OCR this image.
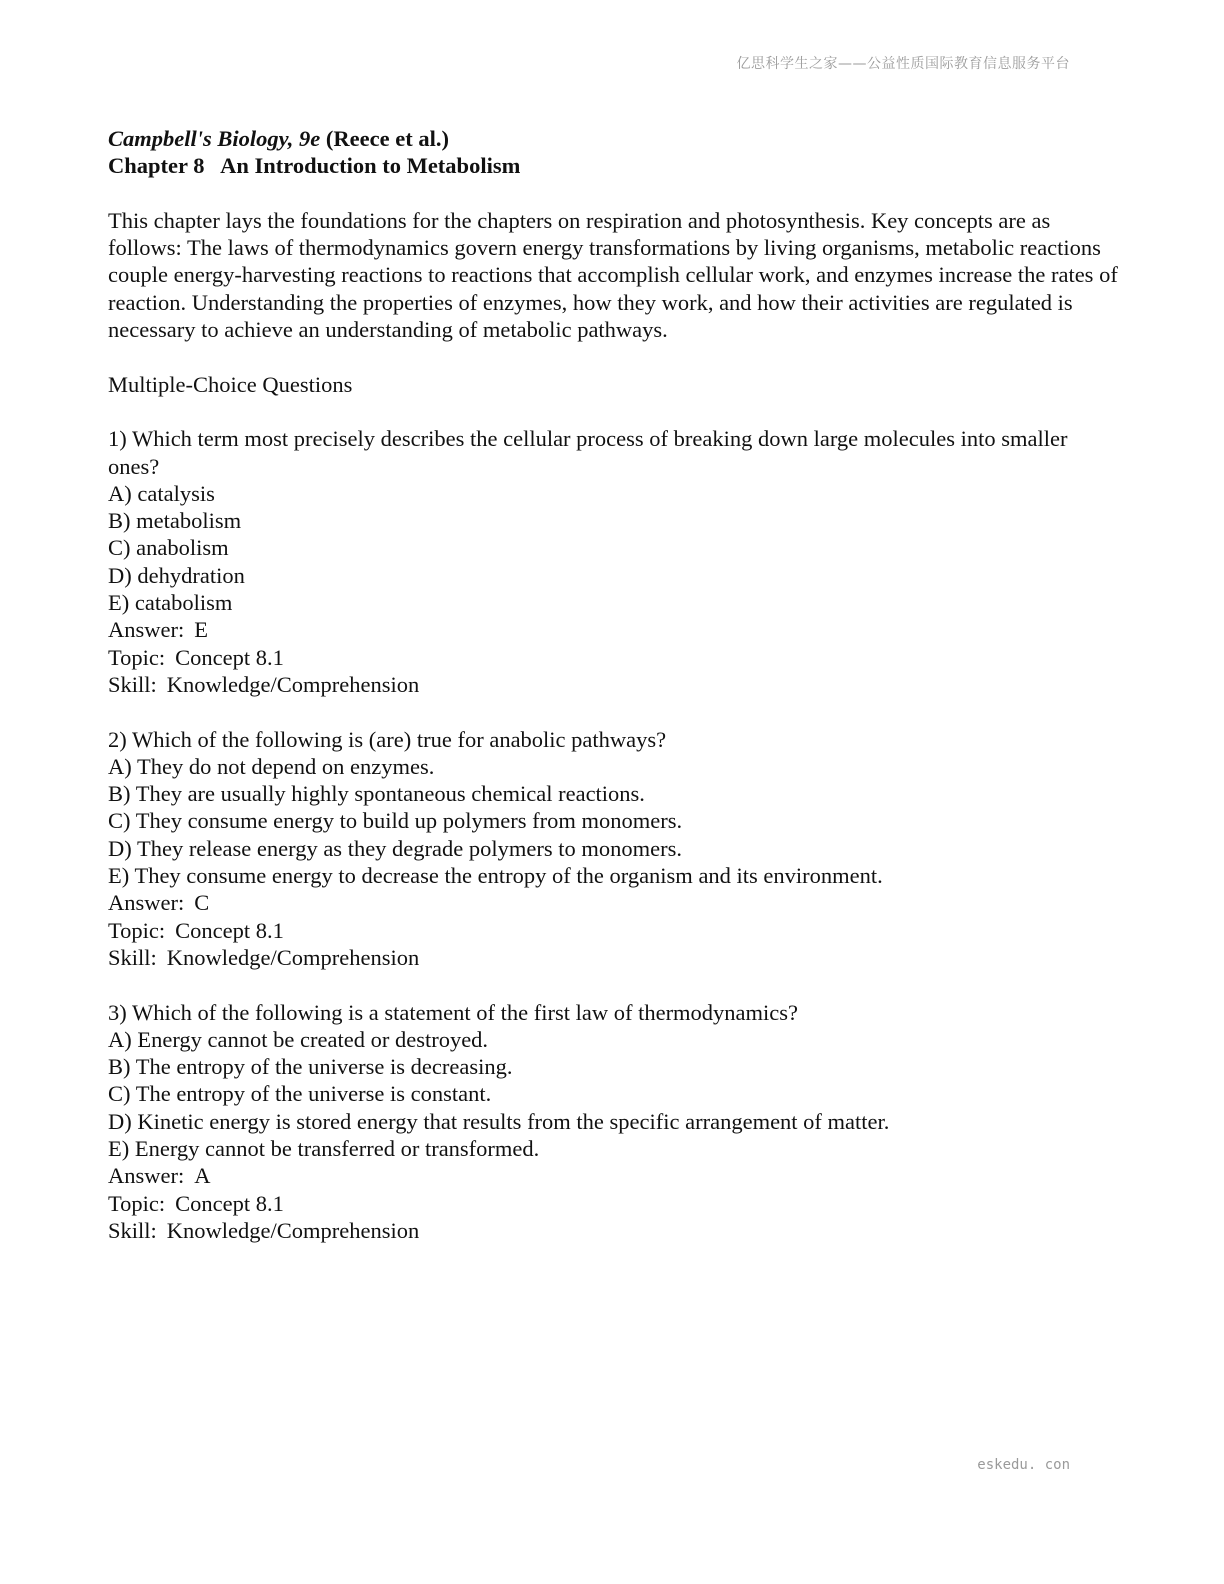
亿思科学生之家——公益性质国际教育信息服务平台
Campbell's Biology, 9e (Reece et al.)
Chapter 8   An Introduction to Metabolism

This chapter lays the foundations for the chapters on respiration and photosynthesis. Key concepts are as follows: The laws of thermodynamics govern energy transformations by living organisms, metabolic reactions couple energy-harvesting reactions to reactions that accomplish cellular work, and enzymes increase the rates of reaction. Understanding the properties of enzymes, how they work, and how their activities are regulated is necessary to achieve an understanding of metabolic pathways.

Multiple-Choice Questions
1) Which term most precisely describes the cellular process of breaking down large molecules into smaller ones?
A) catalysis
B) metabolism
C) anabolism
D) dehydration
E) catabolism
Answer: E
Topic: Concept 8.1
Skill: Knowledge/Comprehension
2) Which of the following is (are) true for anabolic pathways?
A) They do not depend on enzymes.
B) They are usually highly spontaneous chemical reactions.
C) They consume energy to build up polymers from monomers.
D) They release energy as they degrade polymers to monomers.
E) They consume energy to decrease the entropy of the organism and its environment.
Answer: C
Topic: Concept 8.1
Skill: Knowledge/Comprehension
3) Which of the following is a statement of the first law of thermodynamics?
A) Energy cannot be created or destroyed.
B) The entropy of the universe is decreasing.
C) The entropy of the universe is constant.
D) Kinetic energy is stored energy that results from the specific arrangement of matter.
E) Energy cannot be transferred or transformed.
Answer: A
Topic: Concept 8.1
Skill: Knowledge/Comprehension
eskedu. con
